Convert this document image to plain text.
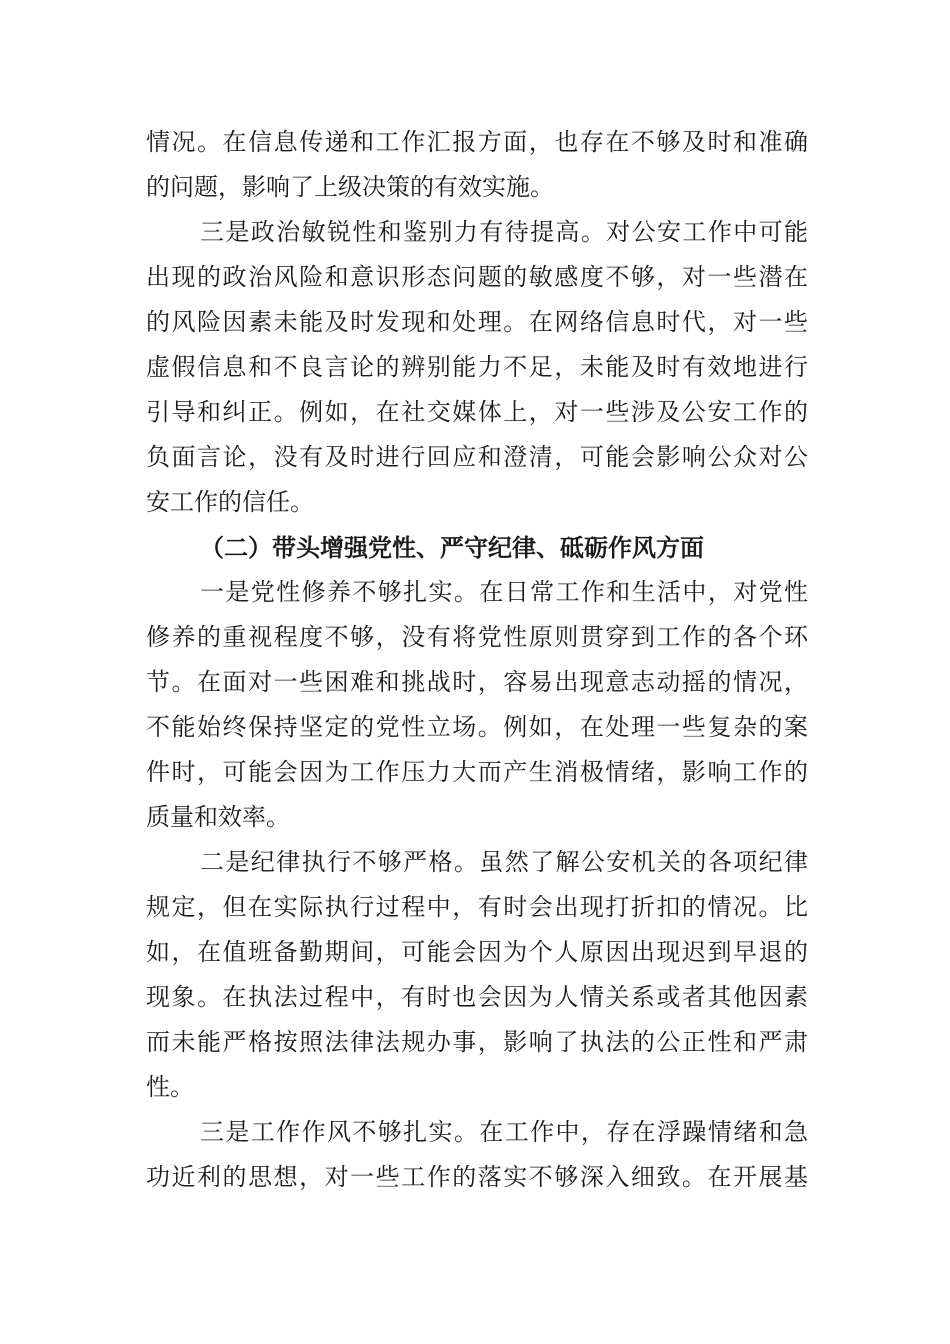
情况。在信息传递和工作汇报方面，也存在不够及时和准确
的问题，影响了上级决策的有效实施。
三是政治敏锐性和鉴别力有待提高。对公安工作中可能
出现的政治风险和意识形态问题的敏感度不够，对一些潜在
的风险因素未能及时发现和处理。在网络信息时代，对一些
虚假信息和不良言论的辨别能力不足，未能及时有效地进行
引导和纠正。例如，在社交媒体上，对一些涉及公安工作的
负面言论，没有及时进行回应和澄清，可能会影响公众对公
安工作的信任。
（二）带头增强党性、严守纪律、砥砺作风方面
一是党性修养不够扎实。在日常工作和生活中，对党性
修养的重视程度不够，没有将党性原则贯穿到工作的各个环
节。在面对一些困难和挑战时，容易出现意志动摇的情况，
不能始终保持坚定的党性立场。例如，在处理一些复杂的案
件时，可能会因为工作压力大而产生消极情绪，影响工作的
质量和效率。
二是纪律执行不够严格。虽然了解公安机关的各项纪律
规定，但在实际执行过程中，有时会出现打折扣的情况。比
如，在值班备勤期间，可能会因为个人原因出现迟到早退的
现象。在执法过程中，有时也会因为人情关系或者其他因素
而未能严格按照法律法规办事，影响了执法的公正性和严肃
性。
三是工作作风不够扎实。在工作中，存在浮躁情绪和急
功近利的思想，对一些工作的落实不够深入细致。在开展基
